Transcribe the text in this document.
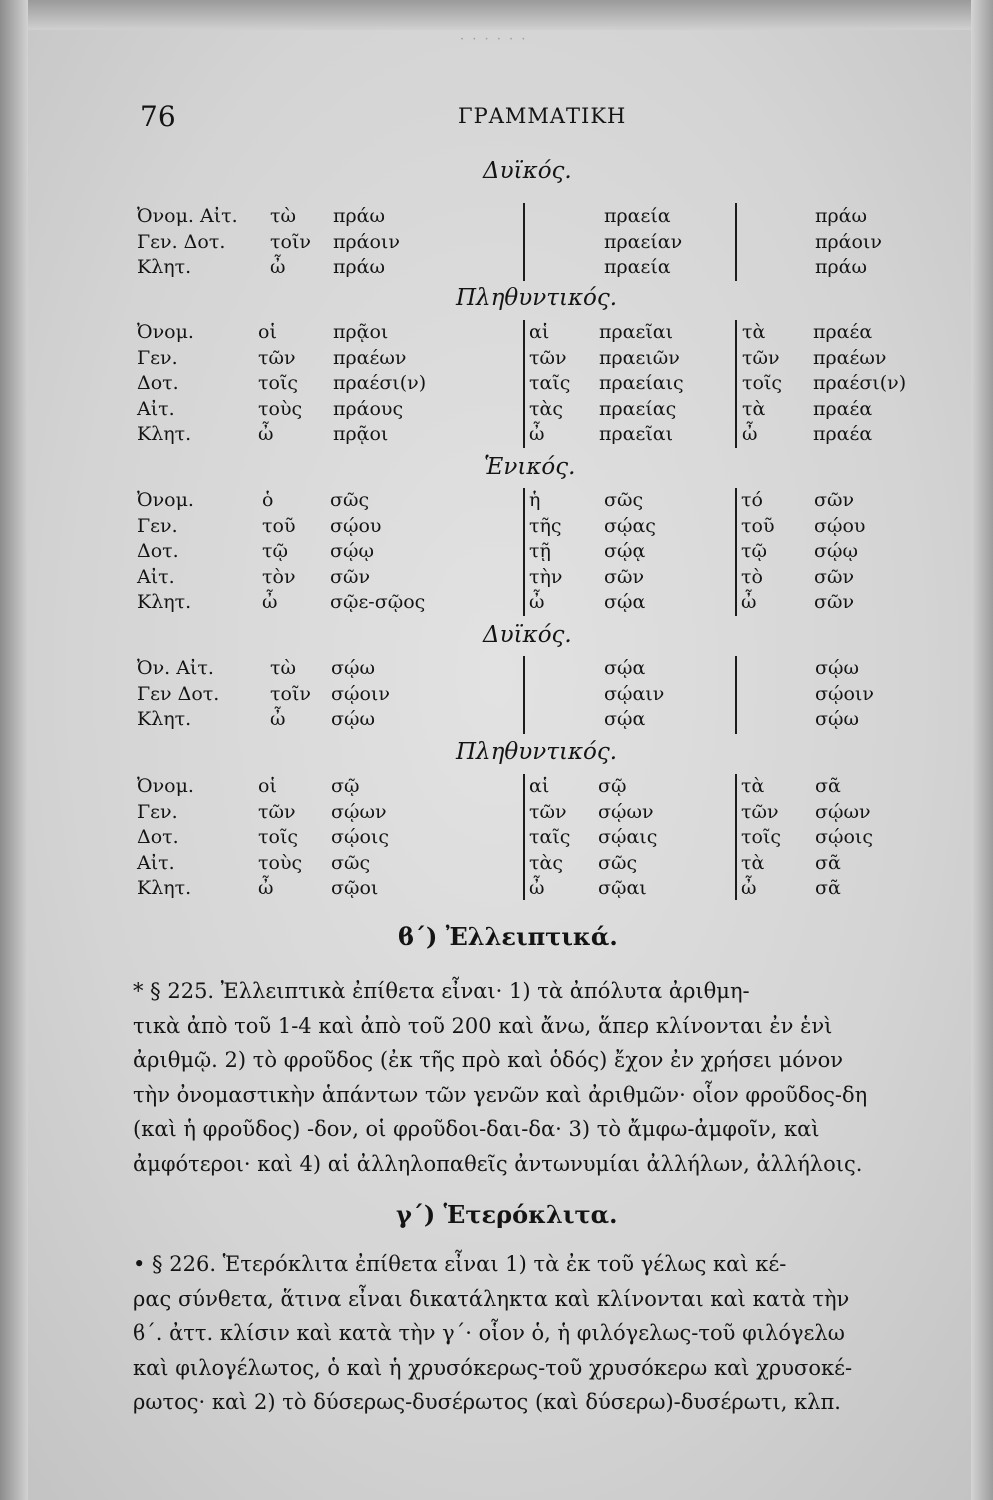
· · · · · ·
76	ΓΡΑΜΜΑΤΙΚΗ
Δυϊκός.
Ὀνομ. Αἰτ.
Γεν. Δοτ.
Κλητ.
τὼ
τοῖν
ὦ
πράω
πράοιν
πράω
πραεία
πραείαν
πραεία
πράω
πράοιν
πράω
Πληθυντικός.
Ὀνομ.
Γεν.
Δοτ.
Αἰτ.
Κλητ.
οἱ
τῶν
τοῖς
τοὺς
ὦ
πρᾷοι
πραέων
πραέσι(ν)
πράους
πρᾷοι
αἱ
τῶν
ταῖς
τὰς
ὦ
πραεῖαι
πραειῶν
πραείαις
πραείας
πραεῖαι
τὰ
τῶν
τοῖς
τὰ
ὦ
πραέα
πραέων
πραέσι(ν)
πραέα
πραέα
Ἑνικός.
Ὀνομ.
Γεν.
Δοτ.
Αἰτ.
Κλητ.
ὁ
τοῦ
τῷ
τὸν
ὦ
σῶς
σῴου
σῴῳ
σῶν
σῷε-σῷος
ἡ
τῆς
τῇ
τὴν
ὦ
σῶς
σῴας
σῴᾳ
σῶν
σῴα
τό
τοῦ
τῷ
τὸ
ὦ
σῶν
σῴου
σῴῳ
σῶν
σῶν
Δυϊκός.
Ὀν. Αἰτ.
Γεν Δοτ.
Κλητ.
τὼ
τοῖν
ὦ
σῴω
σῴοιν
σῴω
σῴα
σῴαιν
σῴα
σῴω
σῴοιν
σῴω
Πληθυντικός.
Ὀνομ.
Γεν.
Δοτ.
Αἰτ.
Κλητ.
οἱ
τῶν
τοῖς
τοὺς
ὦ
σῷ
σῴων
σῴοις
σῶς
σῷοι
αἱ
τῶν
ταῖς
τὰς
ὦ
σῷ
σῴων
σῴαις
σῶς
σῷαι
τὰ
τῶν
τοῖς
τὰ
ὦ
σᾶ
σῴων
σῴοις
σᾶ
σᾶ
ϐ´) Ἐλλειπτικά.
* § 225. Ἐλλειπτικὰ ἐπίθετα εἶναι· 1) τὰ ἀπόλυτα ἀριθμη-
τικὰ ἀπὸ τοῦ 1-4 καὶ ἀπὸ τοῦ 200 καὶ ἄνω, ἅπερ κλίνονται ἐν ἑνὶ
ἀριθμῷ. 2) τὸ φροῦδος (ἐκ τῆς πρὸ καὶ ὁδός) ἔχον ἐν χρήσει μόνον
τὴν ὀνομαστικὴν ἁπάντων τῶν γενῶν καὶ ἀριθμῶν· οἷον φροῦδος-δη
(καὶ ἡ φροῦδος) -δον, οἱ φροῦδοι-δαι-δα· 3) τὸ ἄμφω-ἀμφοῖν, καὶ
ἀμφότεροι· καὶ 4) αἱ ἀλληλοπαθεῖς ἀντωνυμίαι ἀλλήλων, ἀλλήλοις.
γ´) Ἑτερόκλιτα.
• § 226. Ἑτερόκλιτα ἐπίθετα εἶναι 1) τὰ ἐκ τοῦ γέλως καὶ κέ-
ρας σύνθετα, ἅτινα εἶναι δικατάληκτα καὶ κλίνονται καὶ κατὰ τὴν
ϐ´. ἀττ. κλίσιν καὶ κατὰ τὴν γ´· οἷον ὁ, ἡ φιλόγελως-τοῦ φιλόγελω
καὶ φιλογέλωτος, ὁ καὶ ἡ χρυσόκερως-τοῦ χρυσόκερω καὶ χρυσοκέ-
ρωτος· καὶ 2) τὸ δύσερως-δυσέρωτος (καὶ δύσερω)-δυσέρωτι, κλπ.
